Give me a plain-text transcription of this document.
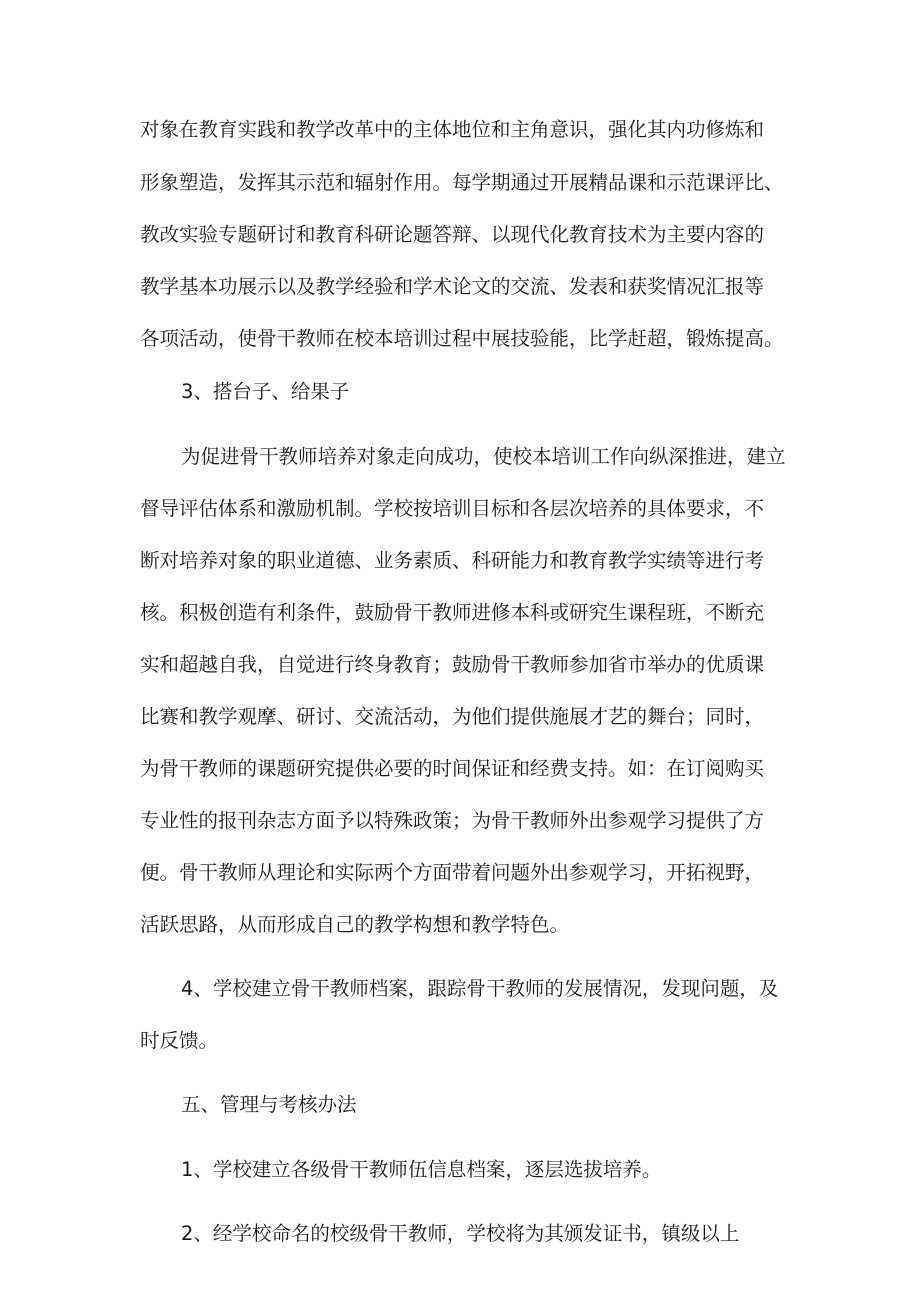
对象在教育实践和教学改革中的主体地位和主角意识，强化其内功修炼和
形象塑造，发挥其示范和辐射作用。每学期通过开展精品课和示范课评比、
教改实验专题研讨和教育科研论题答辩、以现代化教育技术为主要内容的
教学基本功展示以及教学经验和学术论文的交流、发表和获奖情况汇报等
各项活动，使骨干教师在校本培训过程中展技验能，比学赶超，锻炼提高。
3、搭台子、给果子
为促进骨干教师培养对象走向成功，使校本培训工作向纵深推进，建立
督导评估体系和激励机制。学校按培训目标和各层次培养的具体要求，不
断对培养对象的职业道德、业务素质、科研能力和教育教学实绩等进行考
核。积极创造有利条件，鼓励骨干教师进修本科或研究生课程班，不断充
实和超越自我，自觉进行终身教育；鼓励骨干教师参加省市举办的优质课
比赛和教学观摩、研讨、交流活动，为他们提供施展才艺的舞台；同时，
为骨干教师的课题研究提供必要的时间保证和经费支持。如：在订阅购买
专业性的报刊杂志方面予以特殊政策；为骨干教师外出参观学习提供了方
便。骨干教师从理论和实际两个方面带着问题外出参观学习，开拓视野，
活跃思路，从而形成自己的教学构想和教学特色。
4、学校建立骨干教师档案，跟踪骨干教师的发展情况，发现问题，及
时反馈。
五、管理与考核办法
1、学校建立各级骨干教师伍信息档案，逐层选拔培养。
2、经学校命名的校级骨干教师，学校将为其颁发证书，镇级以上
